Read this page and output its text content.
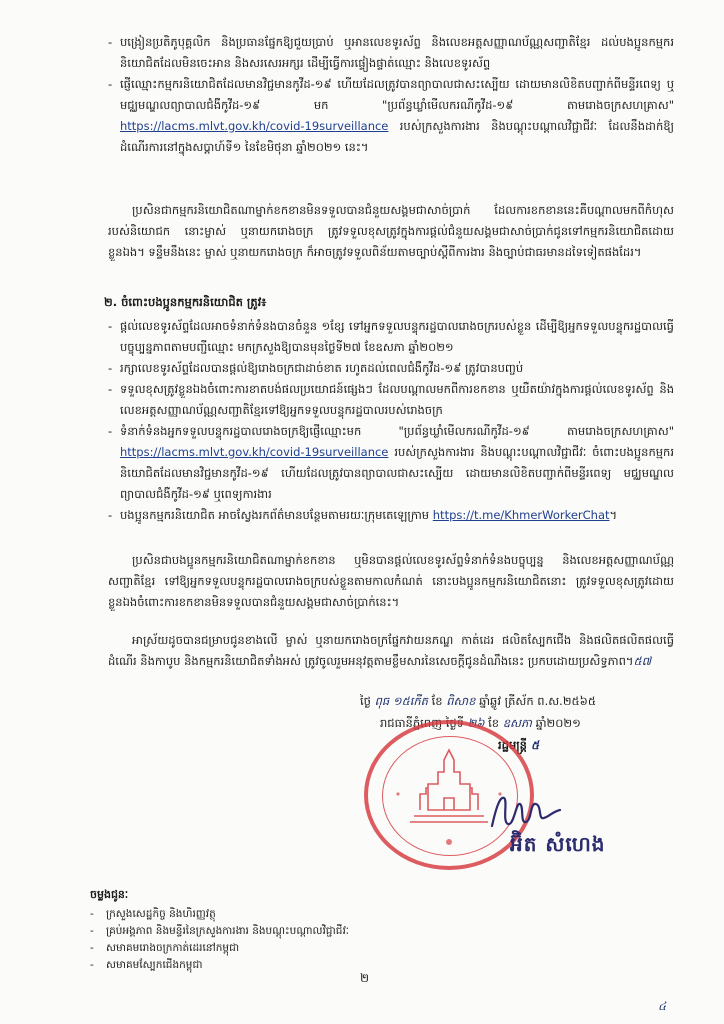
- បង្រៀនប្រតិភូបុគ្គលិក និងប្រធានផ្នែកឱ្យជួយប្រាប់ ឬអានលេខទូរស័ព្ទ និងលេខអត្តសញ្ញាណប័ណ្ណសញ្ជាតិខ្មែរ ដល់បងប្អូនកម្មករនិយោជិតដែលមិនចេះអាន និងសរសេរអក្សរ ដើម្បីធ្វើការផ្ទៀងផ្ទាត់ឈ្មោះ និងលេខទូរស័ព្ទ
- ផ្ញើឈ្មោះកម្មករនិយោជិតដែលមានវិជ្ជមានកូវីដ-១៩ ហើយដែលត្រូវបានព្យាបាលជាសះស្បើយ ដោយមានលិខិតបញ្ជាក់ពីមន្ទីរពេទ្យ ឬមជ្ឈមណ្ឌលព្យាបាលជំងឺកូវីដ-១៩ មក "ប្រព័ន្ធឃ្លាំមើលករណីកូវីដ-១៩ តាមរោងចក្រសហគ្រាស" https://lacms.mlvt.gov.kh/covid-19surveillance របស់ក្រសួងការងារ និងបណ្តុះបណ្តាលវិជ្ជាជីវៈ ដែលនឹងដាក់ឱ្យដំណើរការនៅក្នុងសប្តាហ៍ទី១ នៃខែមិថុនា ឆ្នាំ២០២១ នេះ។

ប្រសិនជាកម្មករនិយោជិតណាម្នាក់ខកខានមិនទទួលបានជំនួយសង្គមជាសាច់ប្រាក់ ដែលការខកខាននេះគឺបណ្តាលមកពីកំហុសរបស់និយោជក នោះម្ចាស់ ឬនាយករោងចក្រ ត្រូវទទួលខុសត្រូវក្នុងការផ្តល់ជំនួយសង្គមជាសាច់ប្រាក់ជូនទៅកម្មករនិយោជិតដោយខ្លួនឯង។ ទន្ទឹមនឹងនេះ ម្ចាស់ ឬនាយករោងចក្រ ក៏អាចត្រូវទទួលពិន័យតាមច្បាប់ស្តីពីការងារ និងច្បាប់ជាធរមានដទៃទៀតផងដែរ។

២. ចំពោះបងប្អូនកម្មករនិយោជិត ត្រូវ៖
- ផ្តល់លេខទូរស័ព្ទដែលអាចទំនាក់ទំនងបានចំនួន ១ខ្សែ ទៅអ្នកទទួលបន្ទុករដ្ឋបាលរោងចក្ររបស់ខ្លួន ដើម្បីឱ្យអ្នកទទួលបន្ទុករដ្ឋបាលធ្វើបច្ចុប្បន្នភាពតាមបញ្ជីឈ្មោះ មកក្រសួងឱ្យបានមុនថ្ងៃទី២៧ ខែឧសភា ឆ្នាំ២០២១
- រក្សាលេខទូរស័ព្ទដែលបានផ្តល់ឱ្យរោងចក្រជាដាច់ខាត រហូតដល់ពេលជំងឺកូវីដ-១៩ ត្រូវបានបញ្ចប់
- ទទួលខុសត្រូវខ្លួនឯងចំពោះការខាតបង់ផលប្រយោជន៍ផ្សេងៗ ដែលបណ្តាលមកពីការខកខាន ឬយឺតយ៉ាវក្នុងការផ្តល់លេខទូរស័ព្ទ និងលេខអត្តសញ្ញាណប័ណ្ណសញ្ជាតិខ្មែរទៅឱ្យអ្នកទទួលបន្ទុករដ្ឋបាលរបស់រោងចក្រ
- ទំនាក់ទំនងអ្នកទទួលបន្ទុករដ្ឋបាលរោងចក្រឱ្យផ្ញើឈ្មោះមក "ប្រព័ន្ធឃ្លាំមើលករណីកូវីដ-១៩ តាមរោងចក្រសហគ្រាស" https://lacms.mlvt.gov.kh/covid-19surveillance របស់ក្រសួងការងារ និងបណ្តុះបណ្តាលវិជ្ជាជីវៈ ចំពោះបងប្អូនកម្មករនិយោជិតដែលមានវិជ្ជមានកូវីដ-១៩ ហើយដែលត្រូវបានព្យាបាលជាសះស្បើយ ដោយមានលិខិតបញ្ជាក់ពីមន្ទីរពេទ្យ មជ្ឈមណ្ឌលព្យាបាលជំងឺកូវីដ-១៩ ឬពេទ្យការងារ
- បងប្អូនកម្មករនិយោជិត អាចស្វែងរកព័ត៌មានបន្ថែមតាមរយៈក្រុមតេឡេក្រាម https://t.me/KhmerWorkerChat។

ប្រសិនជាបងប្អូនកម្មករនិយោជិតណាម្នាក់ខកខាន ឬមិនបានផ្តល់លេខទូរស័ព្ទទំនាក់ទំនងបច្ចុប្បន្ន និងលេខអត្តសញ្ញាណប័ណ្ណសញ្ជាតិខ្មែរ ទៅឱ្យអ្នកទទួលបន្ទុករដ្ឋបាលរោងចក្របស់ខ្លួនតាមកាលកំណត់ នោះបងប្អូនកម្មករនិយោជិតនោះ ត្រូវទទួលខុសត្រូវដោយខ្លួនឯងចំពោះការខកខានមិនទទួលបានជំនួយសង្គមជាសាច់ប្រាក់នេះ។

អាស្រ័យដូចបានជម្រាបជូនខាងលើ ម្ចាស់ ឬនាយករោងចក្រផ្នែកវាយនភណ្ឌ កាត់ដេរ ផលិតស្បែកជើង និងផលិតផលិតផលធ្វើដំណើរ និងកាបូប និងកម្មករនិយោជិតទាំងអស់ ត្រូវចូលរួមអនុវត្តតាមខ្លឹមសារនៃសេចក្តីជូនដំណឹងនេះ ប្រកបដោយប្រសិទ្ធភាព។៥៧

ថ្ងៃ ពុធ ១៥កើត ខែ ពិសាខ ឆ្នាំឆ្លូវ ត្រីស័ក ព.ស.២៥៦៥
រាជធានីភ្នំពេញ ថ្ងៃទី ២៦ ខែ ឧសភា ឆ្នាំ២០២១
រដ្ឋមន្ត្រី ៥
អ៊ិត សំហេង
ចម្លងជូនៈ
- ក្រសួងសេដ្ឋកិច្ច និងហិរញ្ញវត្ថុ
- គ្រប់អង្គភាព និងមន្ទីរនៃក្រសួងការងារ និងបណ្តុះបណ្តាលវិជ្ជាជីវៈ
- សមាគមរោងចក្រកាត់ដេរនៅកម្ពុជា
- សមាគមស្បែកជើងកម្ពុជា
២
៤
